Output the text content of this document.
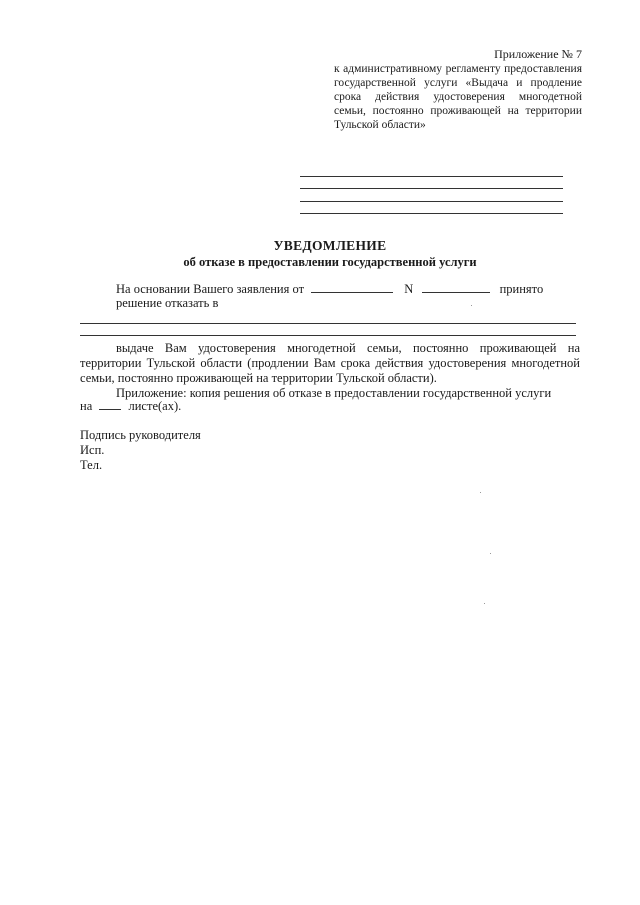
Приложение № 7
к административному регламенту предоставления государственной услуги «Выдача и продление срока действия удостоверения многодетной семьи, постоянно проживающей на территории Тульской области»
УВЕДОМЛЕНИЕ
об отказе в предоставлении государственной услуги
На основании Вашего заявления от	N	принято
решение отказать в
выдаче Вам удостоверения многодетной семьи, постоянно проживающей на территории Тульской области (продлении Вам срока действия удостоверения многодетной семьи, постоянно проживающей на территории Тульской области).
Приложение: копия решения об отказе в предоставлении государственной услуги
на	листе(ах).
Подпись руководителя
Исп.
Тел.
